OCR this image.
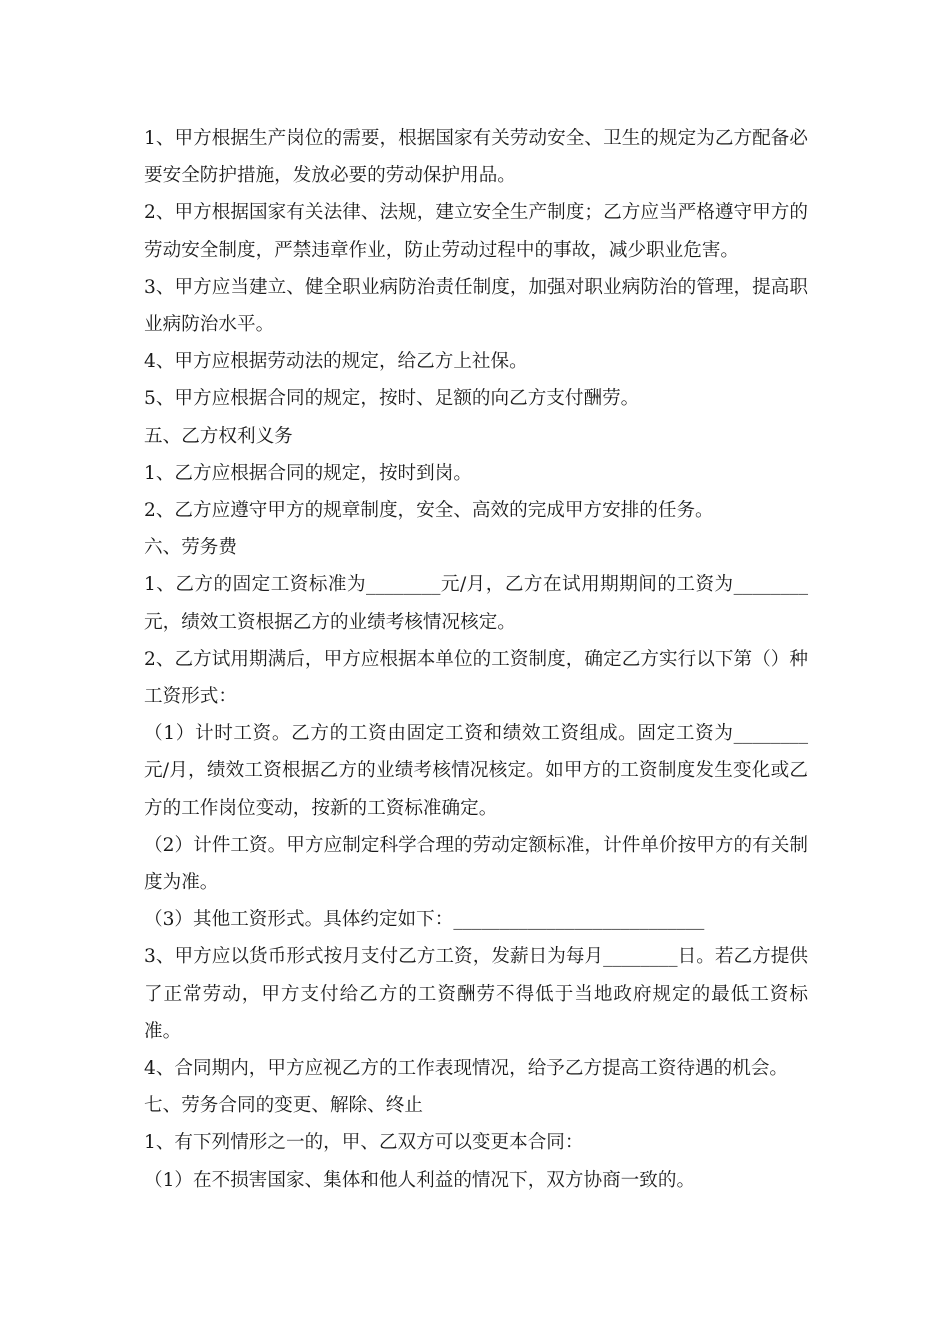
1、甲方根据生产岗位的需要，根据国家有关劳动安全、卫生的规定为乙方配备必要安全防护措施，发放必要的劳动保护用品。

2、甲方根据国家有关法律、法规，建立安全生产制度；乙方应当严格遵守甲方的劳动安全制度，严禁违章作业，防止劳动过程中的事故，减少职业危害。

3、甲方应当建立、健全职业病防治责任制度，加强对职业病防治的管理，提高职业病防治水平。

4、甲方应根据劳动法的规定，给乙方上社保。

5、甲方应根据合同的规定，按时、足额的向乙方支付酬劳。

五、乙方权利义务

1、乙方应根据合同的规定，按时到岗。

2、乙方应遵守甲方的规章制度，安全、高效的完成甲方安排的任务。

六、劳务费

1、乙方的固定工资标准为________元/月，乙方在试用期期间的工资为________元，绩效工资根据乙方的业绩考核情况核定。

2、乙方试用期满后，甲方应根据本单位的工资制度，确定乙方实行以下第（）种工资形式：

（1）计时工资。乙方的工资由固定工资和绩效工资组成。固定工资为________元/月，绩效工资根据乙方的业绩考核情况核定。如甲方的工资制度发生变化或乙方的工作岗位变动，按新的工资标准确定。

（2）计件工资。甲方应制定科学合理的劳动定额标准，计件单价按甲方的有关制度为准。

（3）其他工资形式。具体约定如下：___________________________

3、甲方应以货币形式按月支付乙方工资，发薪日为每月________日。若乙方提供了正常劳动，甲方支付给乙方的工资酬劳不得低于当地政府规定的最低工资标准。

4、合同期内，甲方应视乙方的工作表现情况，给予乙方提高工资待遇的机会。

七、劳务合同的变更、解除、终止

1、有下列情形之一的，甲、乙双方可以变更本合同：

（1）在不损害国家、集体和他人利益的情况下，双方协商一致的。
